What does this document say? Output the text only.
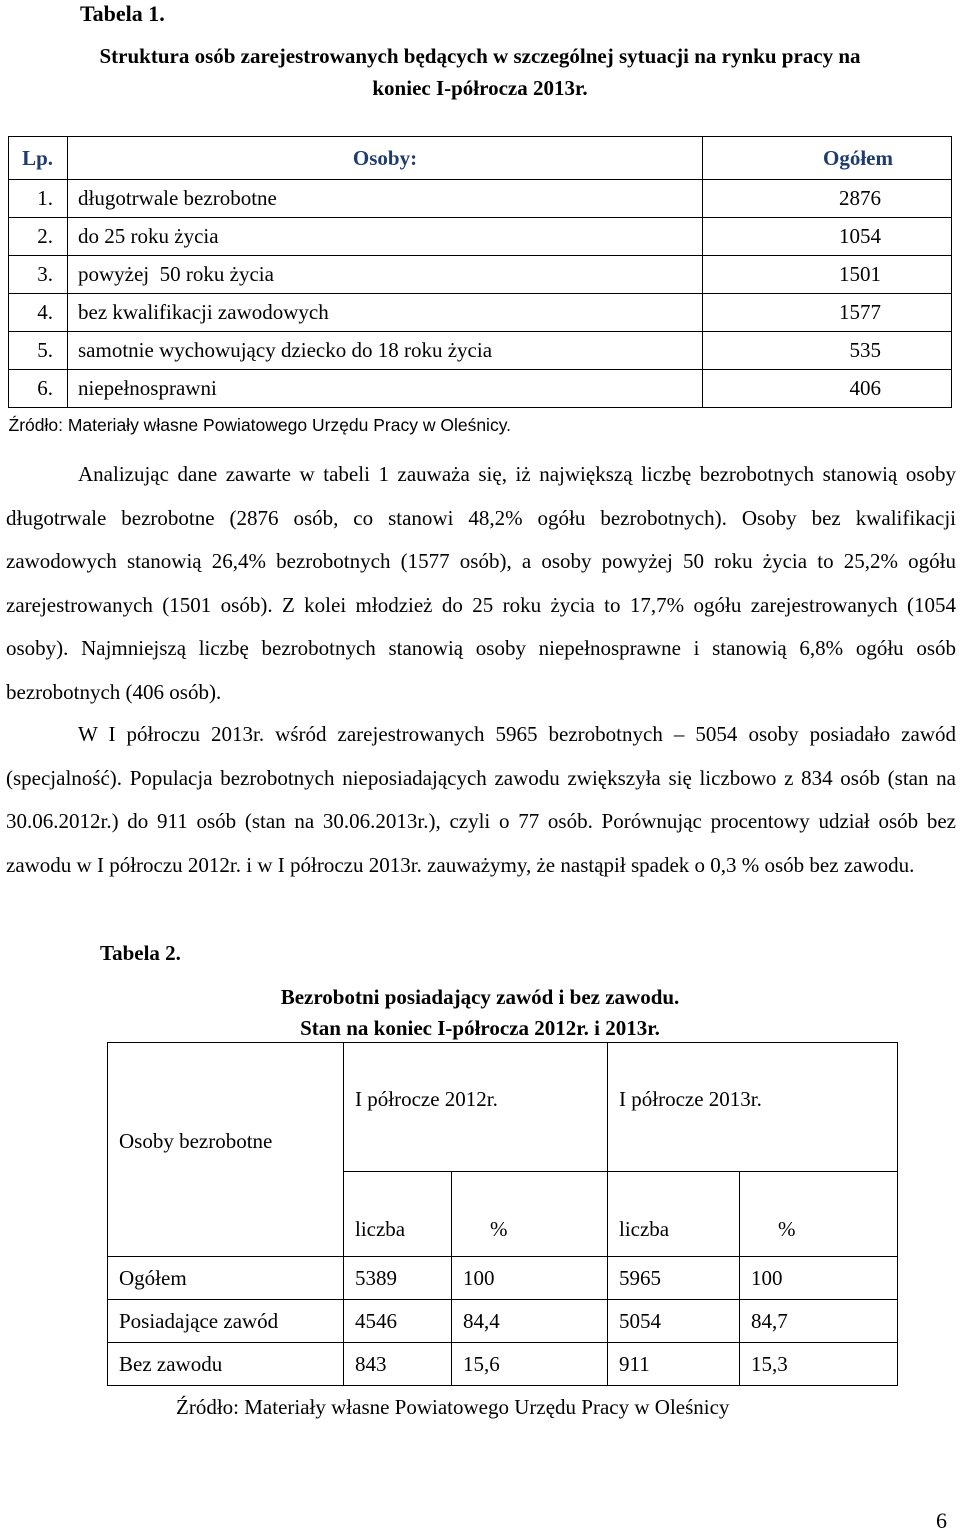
Tabela 1.
Struktura osób zarejestrowanych będących w szczególnej sytuacji na rynku pracy na
koniec I-półrocza 2013r.
Lp.	Osoby:	Ogółem
1.	długotrwale bezrobotne	2876
2.	do 25 roku życia	1054
3.	powyżej  50 roku życia	1501
4.	bez kwalifikacji zawodowych	1577
5.	samotnie wychowujący dziecko do 18 roku życia	535
6.	niepełnosprawni	406
Źródło: Materiały własne Powiatowego Urzędu Pracy w Oleśnicy.		
Analizując dane zawarte w tabeli 1 zauważa się, iż największą liczbę bezrobotnych stanowią osoby długotrwale bezrobotne (2876 osób, co stanowi 48,2% ogółu bezrobotnych). Osoby bez kwalifikacji zawodowych stanowią 26,4% bezrobotnych (1577 osób), a osoby powyżej 50 roku życia to 25,2% ogółu zarejestrowanych (1501 osób). Z kolei młodzież do 25 roku życia to 17,7% ogółu zarejestrowanych (1054 osoby). Najmniejszą liczbę bezrobotnych stanowią osoby niepełnosprawne i stanowią 6,8% ogółu osób bezrobotnych (406 osób).
W I półroczu 2013r. wśród zarejestrowanych 5965 bezrobotnych – 5054 osoby posiadało zawód (specjalność). Populacja bezrobotnych nieposiadających zawodu zwiększyła się liczbowo z 834 osób (stan na 30.06.2012r.) do 911 osób (stan na 30.06.2013r.), czyli o 77 osób. Porównując procentowy udział osób bez zawodu w I półroczu 2012r. i w I półroczu 2013r. zauważymy, że nastąpił spadek o 0,3 % osób bez zawodu.
Tabela 2.
Bezrobotni posiadający zawód i bez zawodu.
Stan na koniec I-półrocza 2012r. i 2013r.
Osoby bezrobotne	I półrocze 2012r.		I półrocze 2013r.	
	liczba	%	liczba	%
Ogółem	5389	100	5965	100
Posiadające zawód	4546	84,4	5054	84,7
Bez zawodu	843	15,6	911	15,3
Źródło: Materiały własne Powiatowego Urzędu Pracy w Oleśnicy
6
